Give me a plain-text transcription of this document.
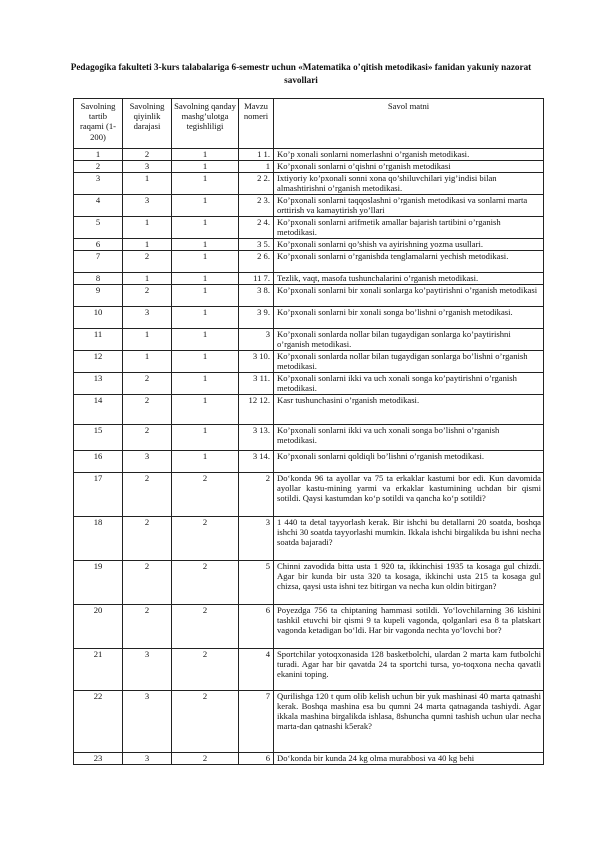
Pedagogika fakulteti 3-kurs talabalariga 6-semestr uchun «Matematika o’qitish metodikasi» fanidan yakuniy nazorat savollari
Savolning tartib raqami (1-200)	Savolning qiyinlik darajasi	Savolning qanday mashg’ulotga tegishliligi	Mavzu nomeri	Savol matni
1	2	1	1 1.	Ko’p xonali sonlarni nomerlashni o’rganish metodikasi.
2	3	1	1	Ko’pxonali sonlarni o’qishni o’rganish metodikasi
3	1	1	2 2.	Ixtiyoriy ko’pxonali sonni xona qo’shiluvchilari yig’indisi bilan almashtirishni o’rganish metodikasi.
4	3	1	2 3.	Ko’pxonali sonlarni taqqoslashni o’rganish metodikasi va sonlarni marta orttirish va kamaytirish yo’llari
5	1	1	2 4.	Ko’pxonali sonlarni arifmetik amallar bajarish tartibini o’rganish metodikasi.
6	1	1	3 5.	Ko’pxonali sonlarni qo’shish va ayirishning yozma usullari.
7	2	1	2 6.	Ko’pxonali sonlarni o’rganishda tenglamalarni yechish metodikasi.
8	1	1	11 7.	Tezlik, vaqt, masofa tushunchalarini o’rganish metodikasi.
9	2	1	3 8.	Ko’pxonali sonlarni bir xonali sonlarga ko’paytirishni o’rganish metodikasi
10	3	1	3 9.	Ko’pxonali sonlarni bir xonali songa bo’lishni o’rganish metodikasi.
11	1	1	3	Ko’pxonali sonlarda nollar bilan tugaydigan sonlarga ko’paytirishni o’rganish metodikasi.
12	1	1	3 10.	Ko’pxonali sonlarda nollar bilan tugaydigan sonlarga bo’lishni o’rganish metodikasi.
13	2	1	3 11.	Ko’pxonali sonlarni ikki va uch xonali songa ko’paytirishni o’rganish metodikasi.
14	2	1	12 12.	Kasr tushunchasini o’rganish metodikasi.
15	2	1	3 13.	Ko’pxonali sonlarni ikki va uch xonali songa bo’lishni o’rganish metodikasi.
16	3	1	3 14.	Ko’pxonali sonlarni qoldiqli bo’lishni o’rganish metodikasi.
17	2	2	2	Do‘konda 96 ta ayollar va 75 ta erkaklar kastumi bor edi. Kun davomida ayollar kastu-mining yarmi va erkaklar kastumining uchdan bir qismi sotildi. Qaysi kastumdan ko‘p sotildi va qancha ko‘p sotildi?
18	2	2	3	1 440 ta detal tayyorlash kerak. Bir ishchi bu detallarni 20 soatda, boshqa ishchi 30 soatda tayyorlashi mumkin. Ikkala ishchi birgalikda bu ishni necha soatda bajaradi?
19	2	2	5	Chinni zavodida bitta usta 1 920 ta, ikkinchisi 1935 ta kosaga gul chizdi. Agar bir kunda bir usta 320 ta kosaga, ikkinchi usta 215 ta kosaga gul chizsa, qaysi usta ishni tez bitirgan va necha kun oldin bitirgan?
20	2	2	6	Poyezdga 756 ta chiptaning hammasi sotildi. Yo‘lovchilarning 36 kishini tashkil etuvchi bir qismi 9 ta kupeli vagonda, qolganlari esa 8 ta platskart vagonda ketadigan bo‘ldi. Har bir vagonda nechta yo‘lovchi bor?
21	3	2	4	Sportchilar yotoqxonasida 128 basketbolchi, ulardan 2 marta kam futbolchi turadi. Agar har bir qavatda 24 ta sportchi tursa, yo-toqxona necha qavatli ekanini toping.
22	3	2	7	Qurilishga 120 t qum olib kelish uchun bir yuk mashinasi 40 marta qatnashi kerak. Boshqa mashina esa bu qumni 24 marta qatnaganda tashiydi. Agar ikkala mashina birgalikda ishlasa, 8shuncha qumni tashish uchun ular necha marta-dan qatnashi k5erak?
23	3	2	6	Do‘konda bir kunda 24 kg olma murabbosi va 40 kg behi
